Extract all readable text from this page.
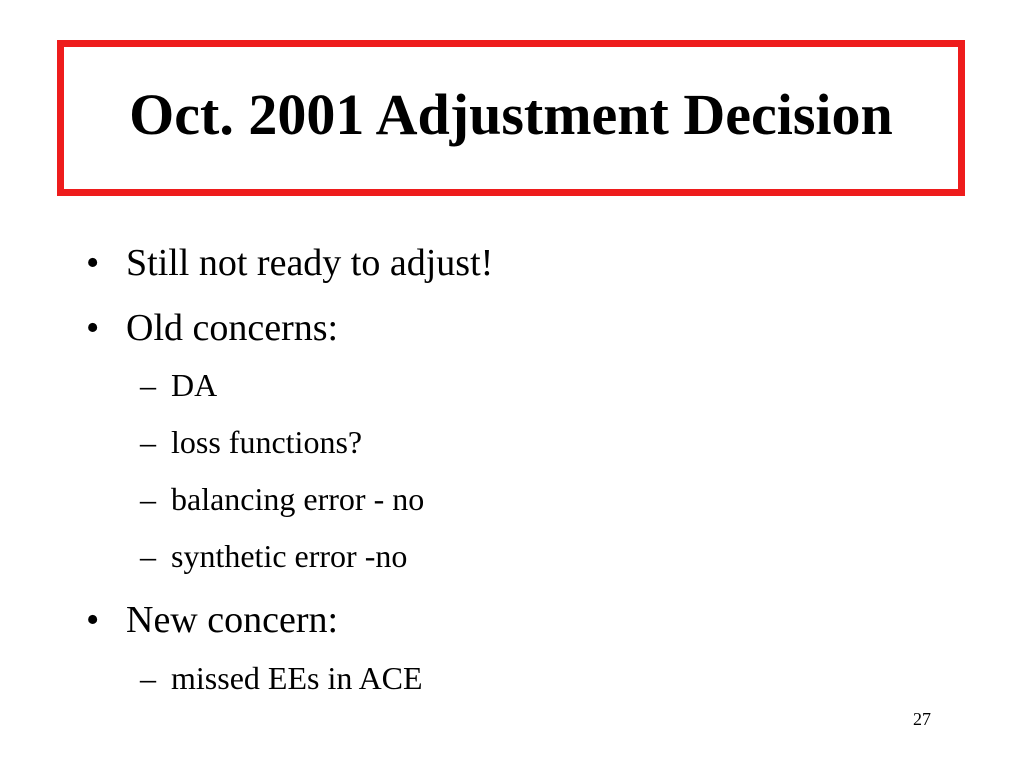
Oct. 2001 Adjustment Decision
• Still not ready to adjust!
• Old concerns:
– DA
– loss functions?
– balancing error - no
– synthetic error -no
• New concern:
– missed EEs in ACE
27
